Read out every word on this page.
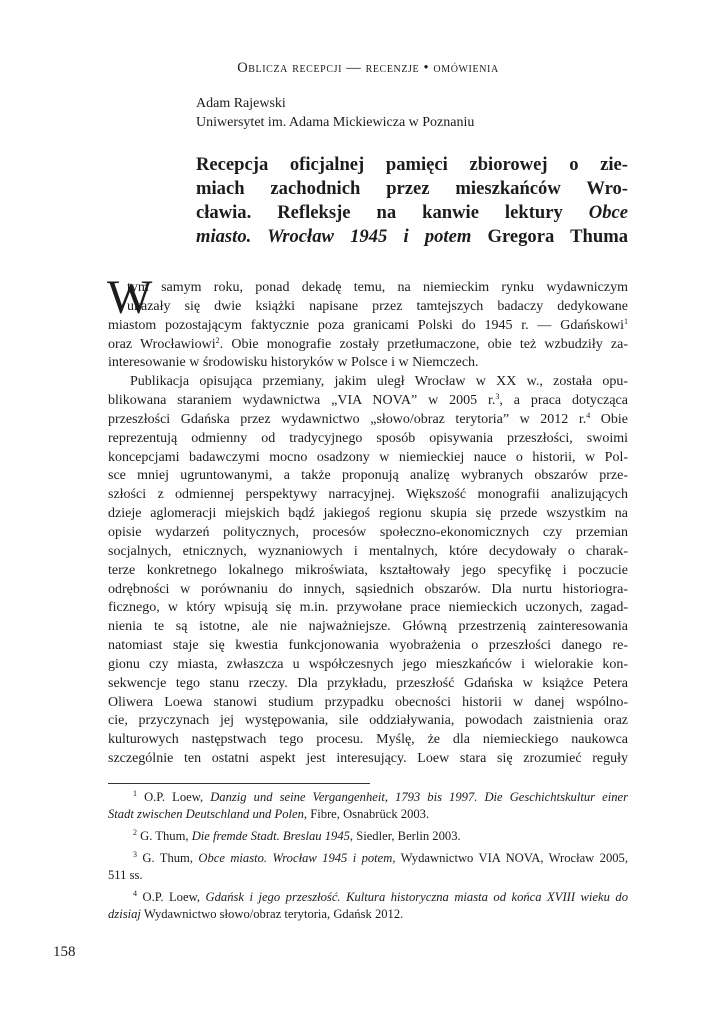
Oblicza recepcji — recenzje • omówienia
Adam Rajewski
Uniwersytet im. Adama Mickiewicza w Poznaniu
Recepcja oficjalnej pamięci zbiorowej o zie-
miach zachodnich przez mieszkańców Wro-
cławia. Refleksje na kanwie lektury Obce
miasto. Wrocław 1945 i potem Gregora Thuma
W

tym samym roku, ponad dekadę temu, na niemieckim rynku wydawniczym

ukazały się dwie książki napisane przez tamtejszych badaczy dedykowane

miastom pozostającym faktycznie poza granicami Polski do 1945 r. — Gdańskowi$^1$

oraz Wrocławiowi$^2$. Obie monografie zostały przetłumaczone, obie też wzbudziły za-

interesowanie w środowisku historyków w Polsce i w Niemczech.

Publikacja opisująca przemiany, jakim uległ Wrocław w XX w., została opu-

blikowana staraniem wydawnictwa „VIA NOVA” w 2005 r.$^3$, a praca dotycząca

przeszłości Gdańska przez wydawnictwo „słowo/obraz terytoria” w 2012 r.$^4$ Obie

reprezentują odmienny od tradycyjnego sposób opisywania przeszłości, swoimi

koncepcjami badawczymi mocno osadzony w niemieckiej nauce o historii, w Pol-

sce mniej ugruntowanymi, a także proponują analizę wybranych obszarów prze-

szłości z odmiennej perspektywy narracyjnej. Większość monografii analizujących

dzieje aglomeracji miejskich bądź jakiegoś regionu skupia się przede wszystkim na

opisie wydarzeń politycznych, procesów społeczno-ekonomicznych czy przemian

socjalnych, etnicznych, wyznaniowych i mentalnych, które decydowały o charak-

terze konkretnego lokalnego mikroświata, kształtowały jego specyfikę i poczucie

odrębności w porównaniu do innych, sąsiednich obszarów. Dla nurtu historiogra-

ficznego, w który wpisują się m.in. przywołane prace niemieckich uczonych, zagad-

nienia te są istotne, ale nie najważniejsze. Główną przestrzenią zainteresowania

natomiast staje się kwestia funkcjonowania wyobrażenia o przeszłości danego re-

gionu czy miasta, zwłaszcza u współczesnych jego mieszkańców i wielorakie kon-

sekwencje tego stanu rzeczy. Dla przykładu, przeszłość Gdańska w książce Petera

Oliwera Loewa stanowi studium przypadku obecności historii w danej wspólno-

cie, przyczynach jej występowania, sile oddziaływania, powodach zaistnienia oraz

kulturowych następstwach tego procesu. Myślę, że dla niemieckiego naukowca

szczególnie ten ostatni aspekt jest interesujący. Loew stara się zrozumieć reguły

$^1$ O.P. Loew, Danzig und seine Vergangenheit, 1793 bis 1997. Die Geschichtskultur einer
Stadt zwischen Deutschland und Polen, Fibre, Osnabrück 2003.
$^2$ G. Thum, Die fremde Stadt. Breslau 1945, Siedler, Berlin 2003.
$^3$ G. Thum, Obce miasto. Wrocław 1945 i potem, Wydawnictwo VIA NOVA, Wrocław 2005,
511 ss.
$^4$ O.P. Loew, Gdańsk i jego przeszłość. Kultura historyczna miasta od końca XVIII wieku do
dzisiaj Wydawnictwo słowo/obraz terytoria, Gdańsk 2012.
158
